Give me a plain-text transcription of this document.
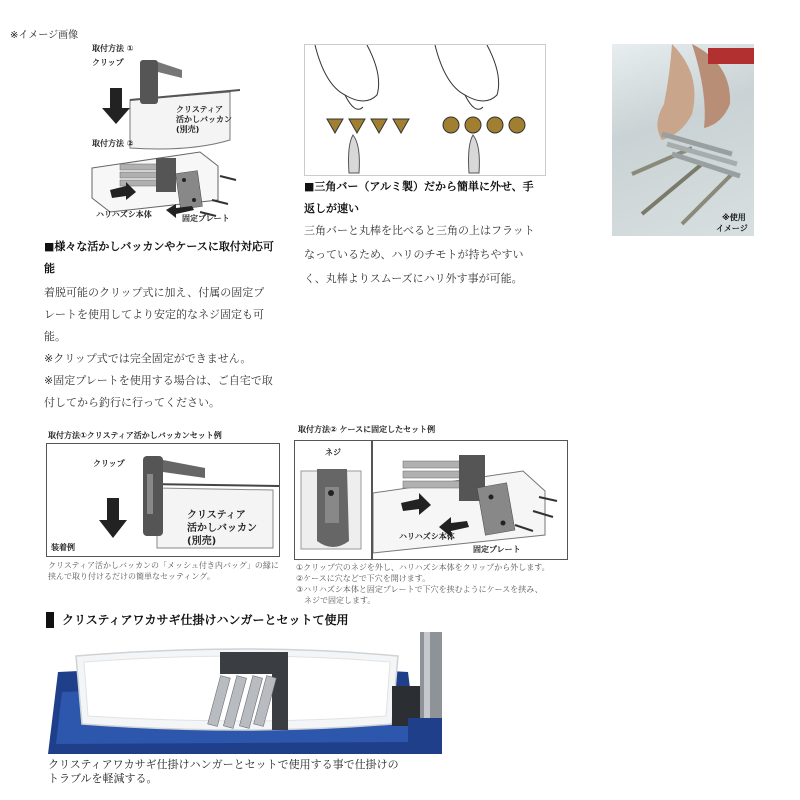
※イメージ画像
取付方法 ①
クリップ
クリスティア
活かしバッカン
(別売)
取付方法 ②
ハリハズシ本体	固定プレート
■様々な活かしバッカンやケースに取付対応可
能
着脱可能のクリップ式に加え、付属の固定プ
レートを使用してより安定的なネジ固定も可
能。
※クリップ式では完全固定ができません。
※固定プレートを使用する場合は、ご自宅で取
付してから釣行に行ってください。
■三角バー（アルミ製）だから簡単に外せ、手
返しが速い
三角バーと丸棒を比べると三角の上はフラット
なっているため、ハリのチモトが持ちやすい
く、丸棒よりスムーズにハリ外す事が可能。
※使用
イメージ
取付方法①クリスティア活かしバッカンセット例
クリップ
クリスティア
活かしバッカン
(別売)
装着例
クリスティア活かしバッカンの「メッシュ付き内バッグ」の縁に
挟んで取り付けるだけの簡単なセッティング。
取付方法② ケースに固定したセット例
ネジ
ハリハズシ本体
固定プレート
①クリップ穴のネジを外し、ハリハズシ本体をクリップから外します。
②ケースに穴などで下穴を開けます。
③ハリハズシ本体と固定プレートで下穴を挟むようにケースを挟み、
　ネジで固定します。
クリスティアワカサギ仕掛けハンガーとセットて使用
クリスティアワカサギ仕掛けハンガーとセットで使用する事で仕掛けの
トラブルを軽減する。
